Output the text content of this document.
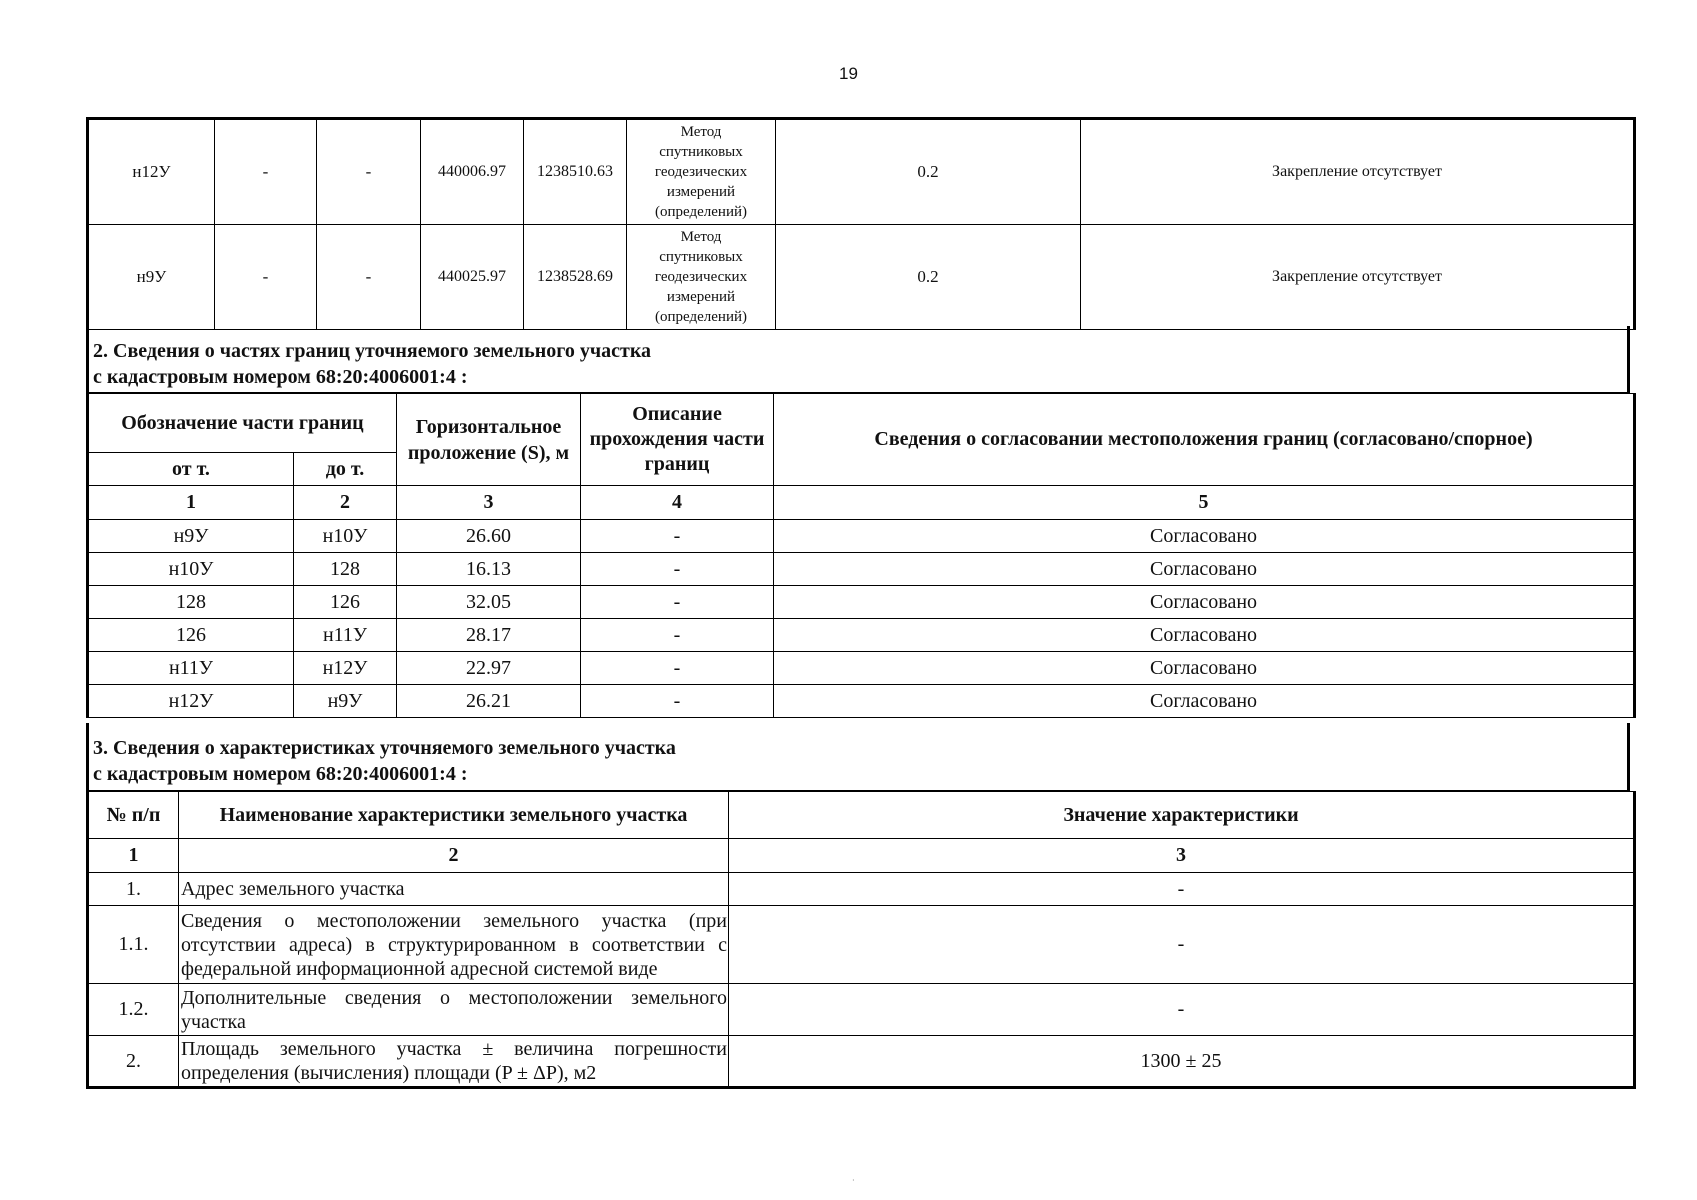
19
н12У	-	-	440006.97	1238510.63	Метод
спутниковых
геодезических
измерений
(определений)	0.2	Закрепление отсутствует
н9У	-	-	440025.97	1238528.69	Метод
спутниковых
геодезических
измерений
(определений)	0.2	Закрепление отсутствует
2. Сведения о частях границ уточняемого земельного участка
с кадастровым номером 68:20:4006001:4 :
Обозначение части границ		Горизонтальное проложение (S), м	Описание прохождения части границ	Сведения о согласовании местоположения границ (согласовано/спорное)
от т.	до т.			
1	2	3	4	5
н9У	н10У	26.60	-	Согласовано
н10У	128	16.13	-	Согласовано
128	126	32.05	-	Согласовано
126	н11У	28.17	-	Согласовано
н11У	н12У	22.97	-	Согласовано
н12У	н9У	26.21	-	Согласовано
3. Сведения о характеристиках уточняемого земельного участка
с кадастровым номером 68:20:4006001:4 :
№ п/п	Наименование характеристики земельного участка	Значение характеристики
1	2	3
1.	Адрес земельного участка	-
1.1.	Сведения о местоположении земельного участка (при отсутствии адреса) в структурированном в соответствии с федеральной информационной адресной системой виде	-
1.2.	Дополнительные сведения о местоположении земельного участка	-
2.	Площадь земельного участка ± величина погрешности определения (вычисления) площади (P ± ΔP), м2	1300 ± 25
·
